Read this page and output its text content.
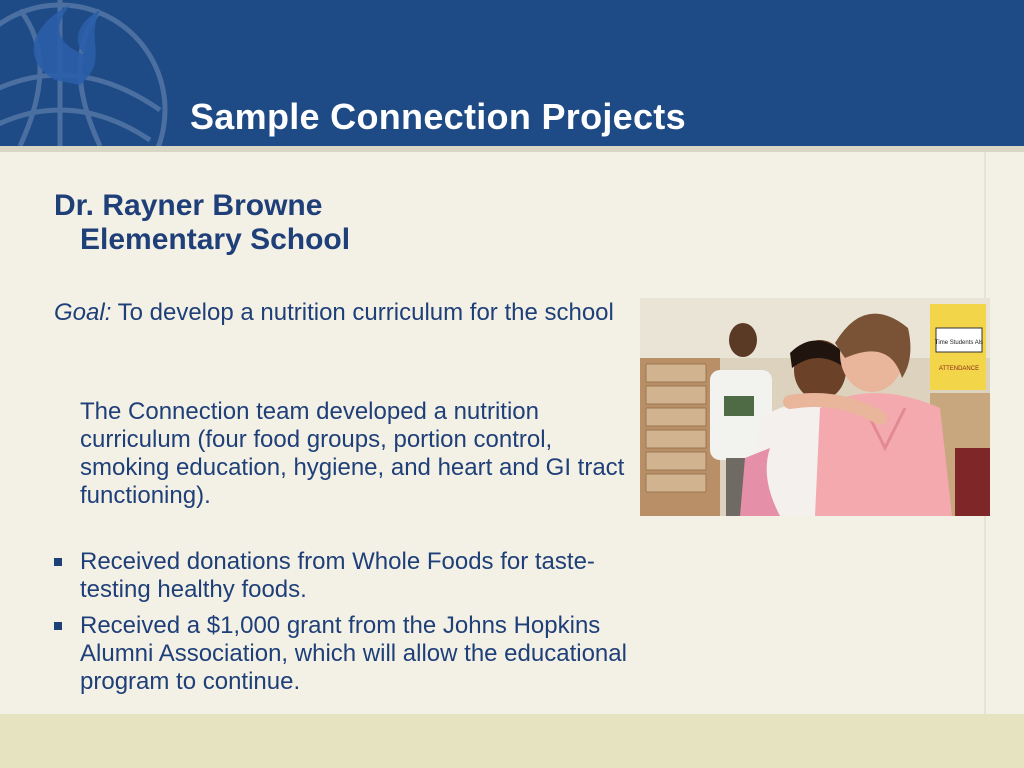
Sample Connection Projects
Dr. Rayner Browne
Elementary School

Goal: To develop a nutrition curriculum for the school

The Connection team developed a nutrition curriculum (four food groups, portion control, smoking education, hygiene, and heart and GI tract functioning).

Received donations from Whole Foods for taste-testing healthy foods.
Received a $1,000 grant from the Johns Hopkins Alumni Association, which will allow the educational program to continue.
Time Students Als
ATTENDANCE
